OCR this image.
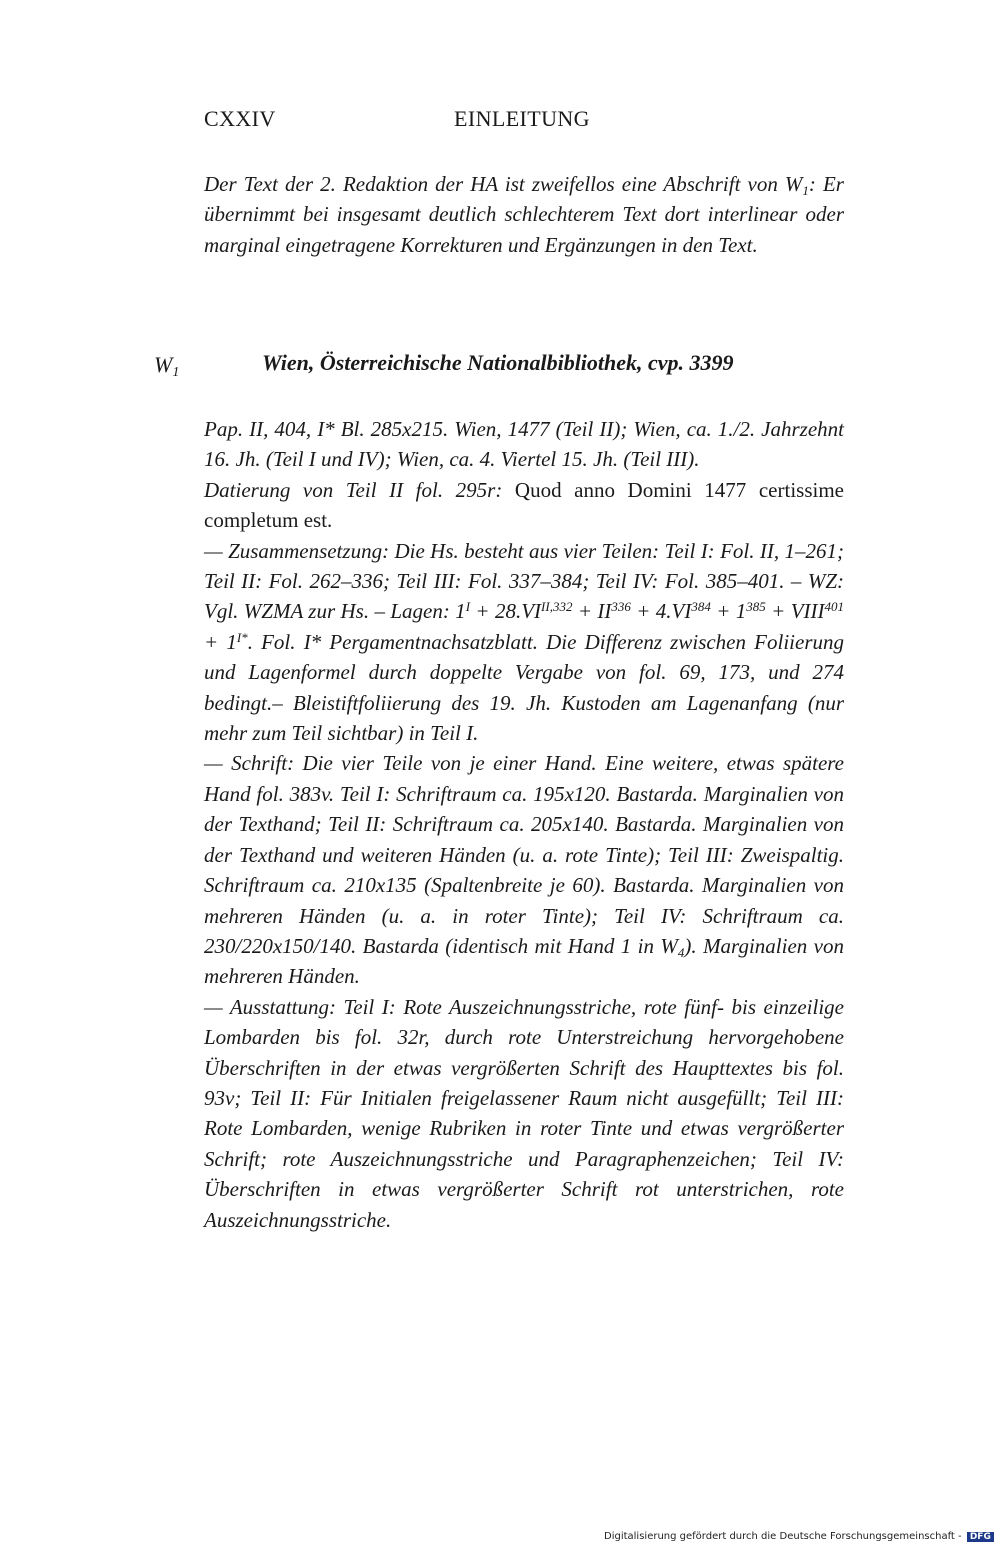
CXXIV	EINLEITUNG
Der Text der 2. Redaktion der HA ist zweifellos eine Abschrift von $W_1$: Er übernimmt bei insgesamt deutlich schlechterem Text dort interlinear oder marginal eingetragene Korrekturen und Ergänzungen in den Text.
$W_1$	Wien, Österreichische Nationalbibliothek, cvp. 3399

Pap. II, 404, I* Bl. 285x215. Wien, 1477 (Teil II); Wien, ca. 1./2. Jahrzehnt 16. Jh. (Teil I und IV); Wien, ca. 4. Viertel 15. Jh. (Teil III).

Datierung von Teil II fol. 295r: Quod anno Domini 1477 certissime completum est.

— Zusammensetzung: Die Hs. besteht aus vier Teilen: Teil I: Fol. II, 1–261; Teil II: Fol. 262–336; Teil III: Fol. 337–384; Teil IV: Fol. 385–401. – WZ: Vgl. WZMA zur Hs. – Lagen: $1^I + 28.VI^{II,332} + II^{336} + 4.VI^{384} + 1^{385}$ + $VIII^{401} + 1^{I*}$. Fol. I* Pergamentnachsatzblatt. Die Differenz zwischen Foliierung und Lagenformel durch doppelte Vergabe von fol. 69, 173, und 274 bedingt.– Bleistiftfoliierung des 19. Jh. Kustoden am Lagenanfang (nur mehr zum Teil sichtbar) in Teil I.

— Schrift: Die vier Teile von je einer Hand. Eine weitere, etwas spätere Hand fol. 383v. Teil I: Schriftraum ca. 195x120. Bastarda. Marginalien von der Texthand; Teil II: Schriftraum ca. 205x140. Bastarda. Marginalien von der Texthand und weiteren Händen (u. a. rote Tinte); Teil III: Zweispaltig. Schriftraum ca. 210x135 (Spaltenbreite je 60). Bastarda. Marginalien von mehreren Händen (u. a. in roter Tinte); Teil IV: Schriftraum ca. 230/220x150/140. Bastarda (identisch mit Hand 1 in $W_4$). Marginalien von mehreren Händen.

— Ausstattung: Teil I: Rote Auszeichnungsstriche, rote fünf- bis einzeilige Lombarden bis fol. 32r, durch rote Unterstreichung hervorgehobene Überschriften in der etwas vergrößerten Schrift des Haupttextes bis fol. 93v; Teil II: Für Initialen freigelassener Raum nicht ausgefüllt; Teil III: Rote Lombarden, wenige Rubriken in roter Tinte und etwas vergrößerter Schrift; rote Auszeichnungsstriche und Paragraphenzeichen; Teil IV: Überschriften in etwas vergrößerter Schrift rot unterstrichen, rote Auszeichnungsstriche.

Digitalisierung gefördert durch die Deutsche Forschungsgemeinschaft - DFG
